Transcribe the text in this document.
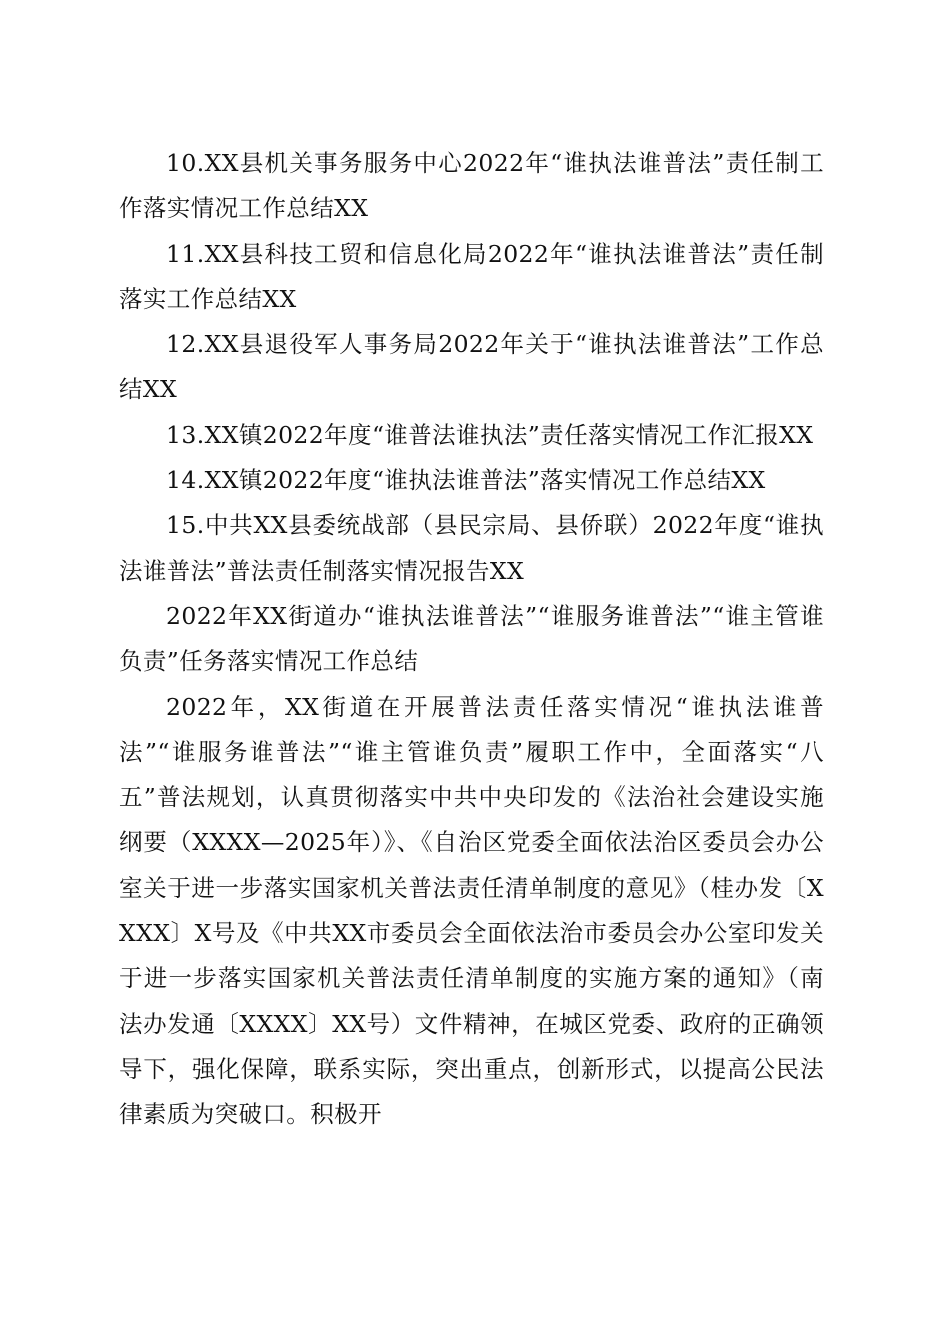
10.XX县机关事务服务中心2022年“谁执法谁普法”责任制工作落实情况工作总结XX

11.XX县科技工贸和信息化局2022年“谁执法谁普法”责任制落实工作总结XX

12.XX县退役军人事务局2022年关于“谁执法谁普法”工作总结XX

13.XX镇2022年度“谁普法谁执法”责任落实情况工作汇报XX

14.XX镇2022年度“谁执法谁普法”落实情况工作总结XX

15.中共XX县委统战部（县民宗局、县侨联）2022年度“谁执法谁普法”普法责任制落实情况报告XX

2022年XX街道办“谁执法谁普法”“谁服务谁普法”“谁主管谁负责”任务落实情况工作总结

2022年，XX街道在开展普法责任落实情况“谁执法谁普法”“谁服务谁普法”“谁主管谁负责”履职工作中，全面落实“八五”普法规划，认真贯彻落实中共中央印发的《法治社会建设实施纲要（XXXX—2025年）》、《自治区党委全面依法治区委员会办公室关于进一步落实国家机关普法责任清单制度的意见》（桂办发〔XXXX〕X号及《中共XX市委员会全面依法治市委员会办公室印发关于进一步落实国家机关普法责任清单制度的实施方案的通知》（南法办发通〔XXXX〕XX号）文件精神，在城区党委、政府的正确领导下，强化保障，联系实际，突出重点，创新形式，以提高公民法律素质为突破口。积极开
